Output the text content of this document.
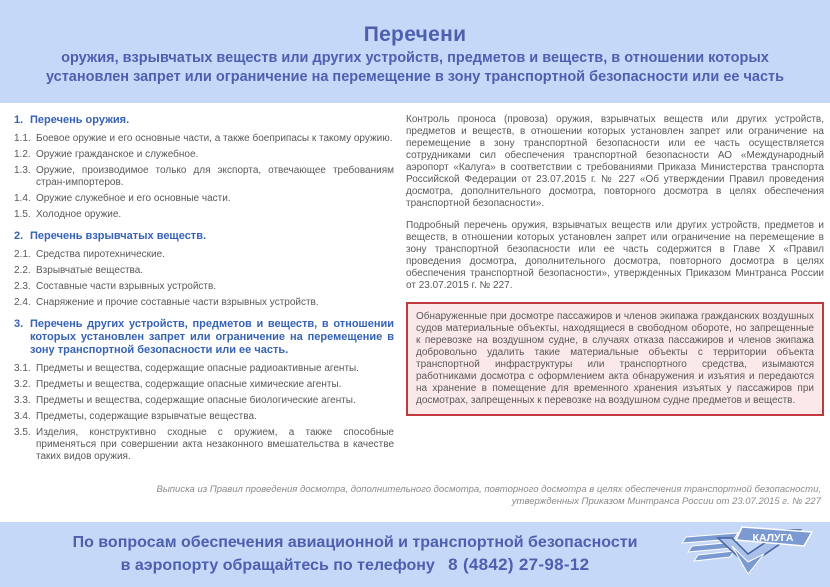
Перечени
оружия, взрывчатых веществ или других устройств, предметов и веществ, в отношении которых
установлен запрет или ограничение на перемещение в зону транспортной безопасности или ее часть
1. Перечень оружия.
1.1. Боевое оружие и его основные части, а также боеприпасы к такому оружию.
1.2. Оружие гражданское и служебное.
1.3. Оружие, производимое только для экспорта, отвечающее требованиям стран-импортеров.
1.4. Оружие служебное и его основные части.
1.5. Холодное оружие.
2. Перечень взрывчатых веществ.
2.1. Средства пиротехнические.
2.2. Взрывчатые вещества.
2.3. Составные части взрывных устройств.
2.4. Снаряжение и прочие составные части взрывных устройств.
3. Перечень других устройств, предметов и веществ, в отношении которых установлен запрет или ограничение на перемещение в зону транспортной безопасности или ее часть.
3.1. Предметы и вещества, содержащие опасные радиоактивные агенты.
3.2. Предметы и вещества, содержащие опасные химические агенты.
3.3. Предметы и вещества, содержащие опасные биологические агенты.
3.4. Предметы, содержащие взрывчатые вещества.
3.5. Изделия, конструктивно сходные с оружием, а также способные применяться при совершении акта незаконного вмешательства в качестве таких видов оружия.

Контроль проноса (провоза) оружия, взрывчатых веществ или других устройств, предметов и веществ, в отношении которых установлен запрет или ограничение на перемещение в зону транспортной безопасности или ее часть осуществляется сотрудниками сил обеспечения транспортной безопасности АО «Международный аэропорт «Калуга» в соответствии с требованиями Приказа Министерства транспорта Российской Федерации от 23.07.2015 г. № 227 «Об утверждении Правил проведения досмотра, дополнительного досмотра, повторного досмотра в целях обеспечения транспортной безопасности».

Подробный перечень оружия, взрывчатых веществ или других устройств, предметов и веществ, в отношении которых установлен запрет или ограничение на перемещение в зону транспортной безопасности или ее часть содержится в Главе X «Правил проведения досмотра, дополнительного досмотра, повторного досмотра в целях обеспечения транспортной безопасности», утвержденных Приказом Минтранса России от 23.07.2015 г. № 227.

Обнаруженные при досмотре пассажиров и членов экипажа гражданских воздушных судов материальные объекты, находящиеся в свободном обороте, но запрещенные к перевозке на воздушном судне, в случаях отказа пассажиров и членов экипажа добровольно удалить такие материальные объекты с территории объекта транспортной инфраструктуры или транспортного средства, изымаются работниками досмотра с оформлением акта обнаружения и изъятия и передаются на хранение в помещение для временного хранения изъятых у пассажиров при досмотрах, запрещенных к перевозке на воздушном судне предметов и веществ.
Выписка из Правил проведения досмотра, дополнительного досмотра, повторного досмотра в целях обеспечения транспортной безопасности,
утвержденных Приказом Минтранса России от 23.07.2015 г. № 227
По вопросам обеспечения авиационной и транспортной безопасности
в аэропорту обращайтесь по телефону 8 (4842) 27-98-12
КАЛУГА
